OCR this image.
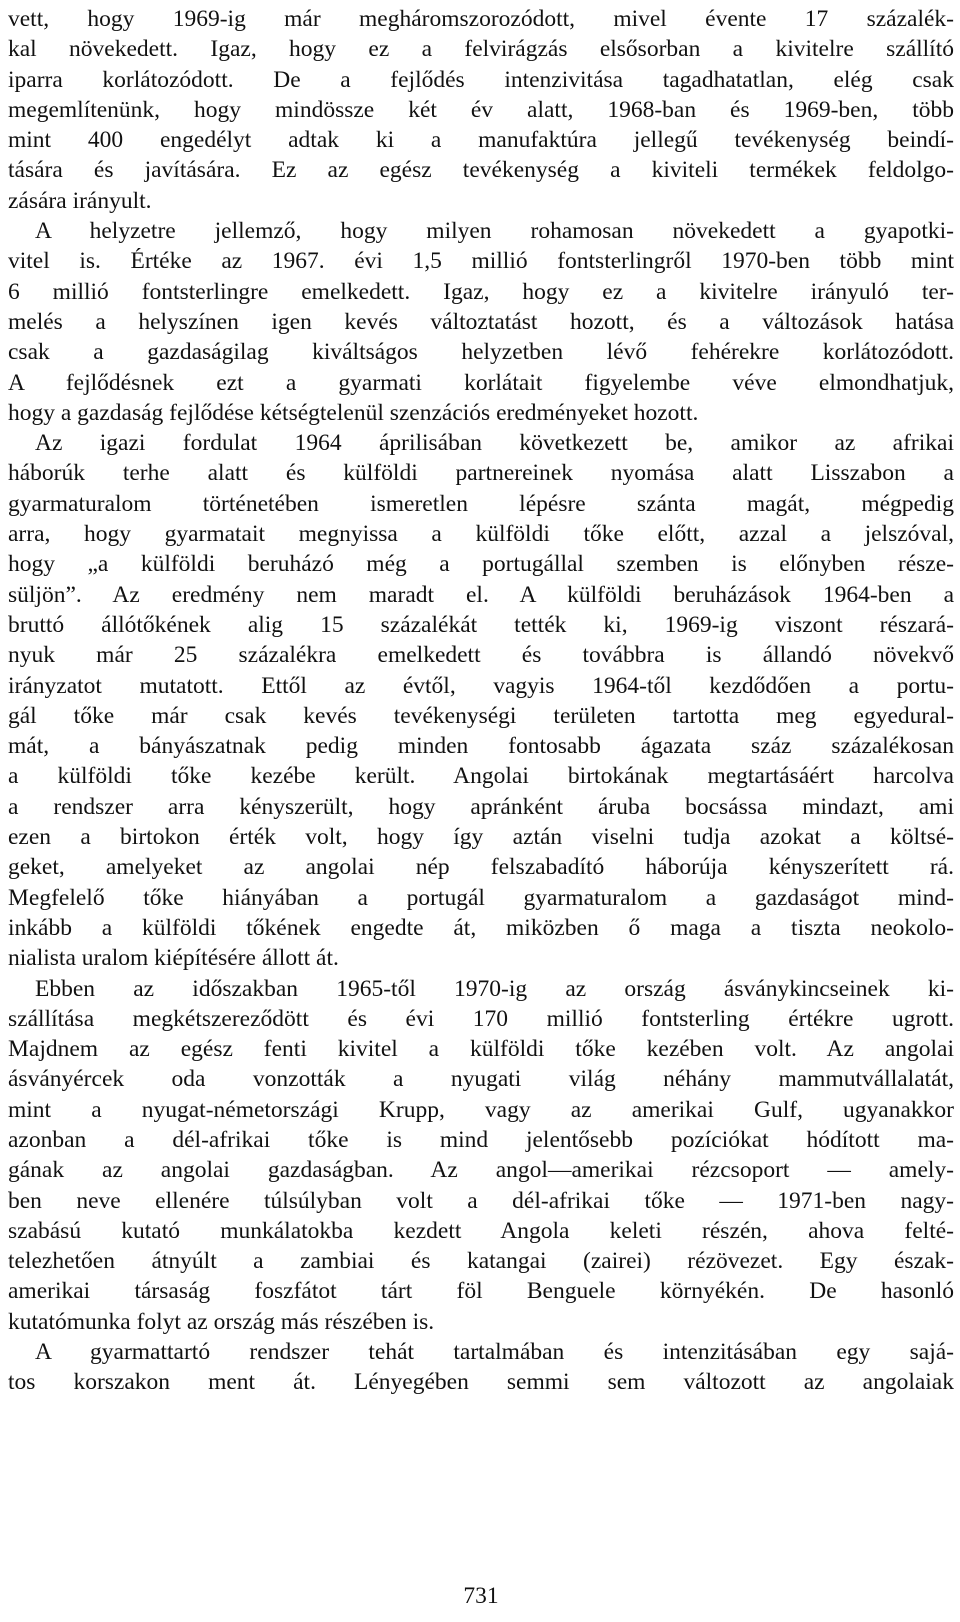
vett, hogy 1969-ig már megháromszorozódott, mivel évente 17 százalék-
kal növekedett. Igaz, hogy ez a felvirágzás elsősorban a kivitelre szállító
iparra korlátozódott. De a fejlődés intenzivitása tagadhatatlan, elég csak
megemlítenünk, hogy mindössze két év alatt, 1968-ban és 1969-ben, több
mint 400 engedélyt adtak ki a manufaktúra jellegű tevékenység beindí-
tására és javítására. Ez az egész tevékenység a kiviteli termékek feldolgo-
zására irányult.
A helyzetre jellemző, hogy milyen rohamosan növekedett a gyapotki-
vitel is. Értéke az 1967. évi 1,5 millió fontsterlingről 1970-ben több mint
6 millió fontsterlingre emelkedett. Igaz, hogy ez a kivitelre irányuló ter-
melés a helyszínen igen kevés változtatást hozott, és a változások hatása
csak a gazdaságilag kiváltságos helyzetben lévő fehérekre korlátozódott.
A fejlődésnek ezt a gyarmati korlátait figyelembe véve elmondhatjuk,
hogy a gazdaság fejlődése kétségtelenül szenzációs eredményeket hozott.
Az igazi fordulat 1964 áprilisában következett be, amikor az afrikai
háborúk terhe alatt és külföldi partnereinek nyomása alatt Lisszabon a
gyarmaturalom történetében ismeretlen lépésre szánta magát, mégpedig
arra, hogy gyarmatait megnyissa a külföldi tőke előtt, azzal a jelszóval,
hogy „a külföldi beruházó még a portugállal szemben is előnyben része-
süljön”. Az eredmény nem maradt el. A külföldi beruházások 1964-ben a
bruttó állótőkének alig 15 százalékát tették ki, 1969-ig viszont részará-
nyuk már 25 százalékra emelkedett és továbbra is állandó növekvő
irányzatot mutatott. Ettől az évtől, vagyis 1964-től kezdődően a portu-
gál tőke már csak kevés tevékenységi területen tartotta meg egyedural-
mát, a bányászatnak pedig minden fontosabb ágazata száz százalékosan
a külföldi tőke kezébe került. Angolai birtokának megtartásáért harcolva
a rendszer arra kényszerült, hogy apránként áruba bocsássa mindazt, ami
ezen a birtokon érték volt, hogy így aztán viselni tudja azokat a költsé-
geket, amelyeket az angolai nép felszabadító háborúja kényszerített rá.
Megfelelő tőke hiányában a portugál gyarmaturalom a gazdaságot mind-
inkább a külföldi tőkének engedte át, miközben ő maga a tiszta neokolo-
nialista uralom kiépítésére állott át.
Ebben az időszakban 1965-től 1970-ig az ország ásványkincseinek ki-
szállítása megkétszereződött és évi 170 millió fontsterling értékre ugrott.
Majdnem az egész fenti kivitel a külföldi tőke kezében volt. Az angolai
ásványércek oda vonzották a nyugati világ néhány mammutvállalatát,
mint a nyugat-németországi Krupp, vagy az amerikai Gulf, ugyanakkor
azonban a dél-afrikai tőke is mind jelentősebb pozíciókat hódított ma-
gának az angolai gazdaságban. Az angol—amerikai rézcsoport — amely-
ben neve ellenére túlsúlyban volt a dél-afrikai tőke — 1971-ben nagy-
szabású kutató munkálatokba kezdett Angola keleti részén, ahova felté-
telezhetően átnyúlt a zambiai és katangai (zairei) rézövezet. Egy észak-
amerikai társaság foszfátot tárt föl Benguele környékén. De hasonló
kutatómunka folyt az ország más részében is.
A gyarmattartó rendszer tehát tartalmában és intenzitásában egy sajá-
tos korszakon ment át. Lényegében semmi sem változott az angolaiak
731
